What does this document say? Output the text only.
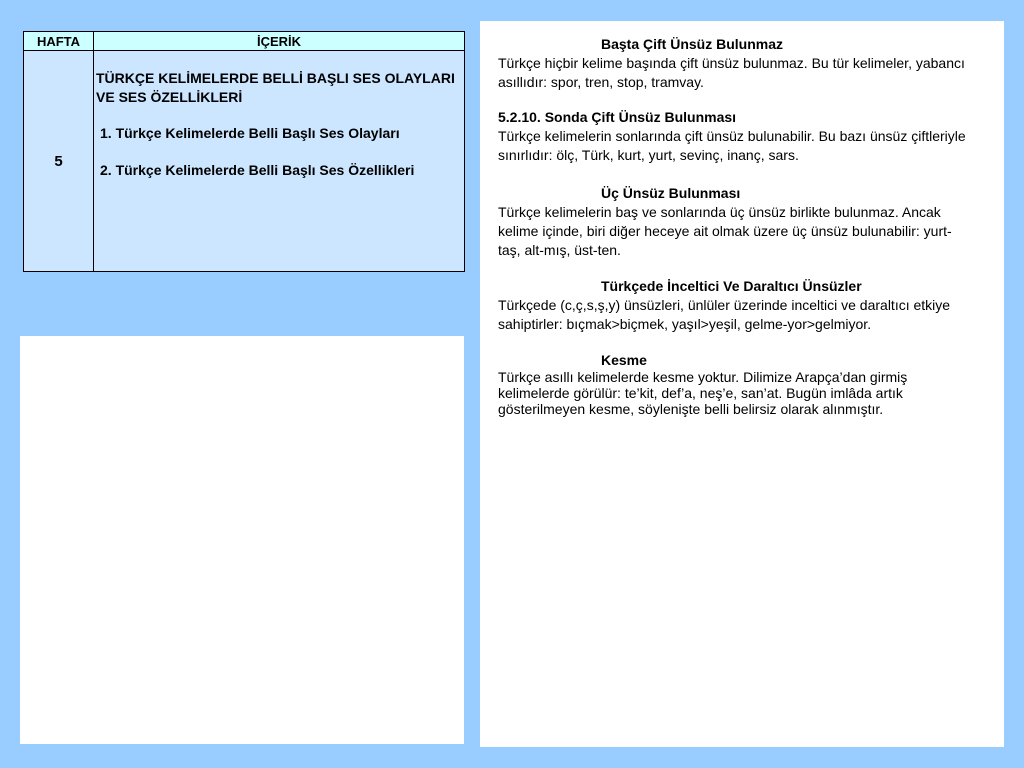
HAFTA	İÇERİK
5	TÜRKÇE KELİMELERDE BELLİ BAŞLI SES OLAYLARI VE SES ÖZELLİKLERİ

1. Türkçe Kelimelerde Belli Başlı Ses Olayları

2. Türkçe Kelimelerde Belli Başlı Ses Özellikleri

Başta Çift Ünsüz Bulunmaz

Türkçe hiçbir kelime başında çift ünsüz bulunmaz. Bu tür kelimeler, yabancı asıllıdır: spor, tren, stop, tramvay.

5.2.10. Sonda Çift Ünsüz Bulunması

Türkçe kelimelerin sonlarında çift ünsüz bulunabilir. Bu bazı ünsüz çiftleriyle sınırlıdır: ölç, Türk, kurt, yurt, sevinç, inanç, sars.

Üç Ünsüz Bulunması

Türkçe kelimelerin baş ve sonlarında üç ünsüz birlikte bulunmaz. Ancak kelime içinde, biri diğer heceye ait olmak üzere üç ünsüz bulunabilir: yurt-taş, alt-mış, üst-ten.

Türkçede İnceltici Ve Daraltıcı Ünsüzler

Türkçede (c,ç,s,ş,y) ünsüzleri, ünlüler üzerinde inceltici ve daraltıcı etkiye sahiptirler: bıçmak>biçmek, yaşıl>yeşil, gelme-yor>gelmiyor.

Kesme

Türkçe asıllı kelimelerde kesme yoktur. Dilimize Arapça’dan girmiş kelimelerde görülür: te’kit, def’a, neş’e, san’at. Bugün imlâda artık gösterilmeyen kesme, söylenişte belli belirsiz olarak alınmıştır.
